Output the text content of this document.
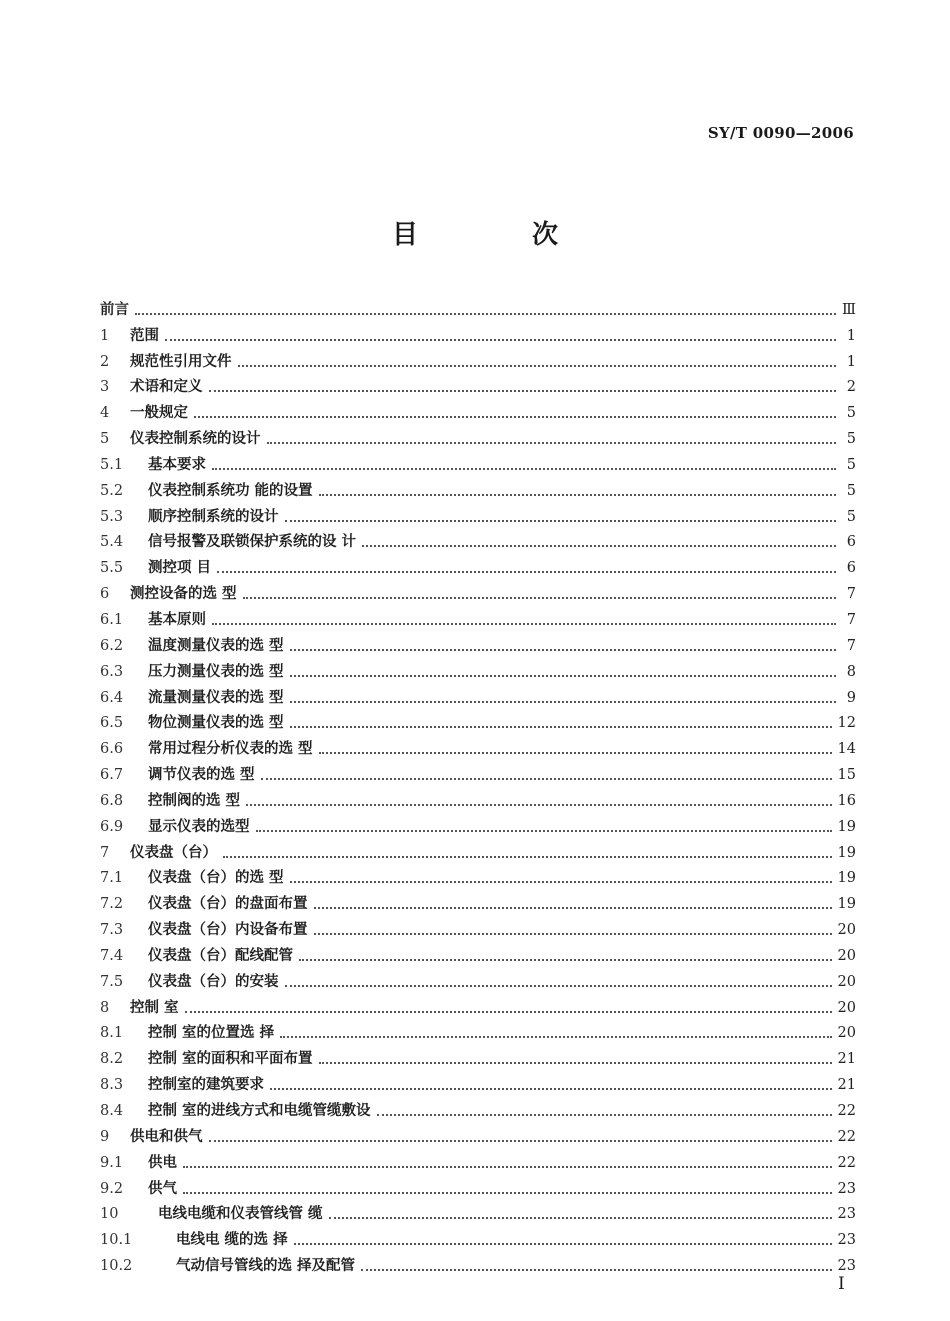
SY/T 0090—2006
目　次
前言	Ⅲ
1	范围	1
2	规范性引用文件	1
3	术语和定义	2
4	一般规定	5
5	仪表控制系统的设计	5
5.1	基本要求	5
5.2	仪表控制系统功 能的设置	5
5.3	顺序控制系统的设计	5
5.4	信号报警及联锁保护系统的设 计	6
5.5	测控项 目	6
6	测控设备的选 型	7
6.1	基本原则	7
6.2	温度测量仪表的选 型	7
6.3	压力测量仪表的选 型	8
6.4	流量测量仪表的选 型	9
6.5	物位测量仪表的选 型	12
6.6	常用过程分析仪表的选 型	14
6.7	调节仪表的选 型	15
6.8	控制阀的选 型	16
6.9	显示仪表的选型	19
7	仪表盘（台）	19
7.1	仪表盘（台）的选 型	19
7.2	仪表盘（台）的盘面布置	19
7.3	仪表盘（台）内设备布置	20
7.4	仪表盘（台）配线配管	20
7.5	仪表盘（台）的安装	20
8	控制 室	20
8.1	控制 室的位置选 择	20
8.2	控制 室的面积和平面布置	21
8.3	控制室的建筑要求	21
8.4	控制 室的进线方式和电缆管缆敷设	22
9	供电和供气	22
9.1	供电	22
9.2	供气	23
10	电线电缆和仪表管线管 缆	23
10.1	电线电 缆的选 择	23
10.2	气动信号管线的选 择及配管	23
I
